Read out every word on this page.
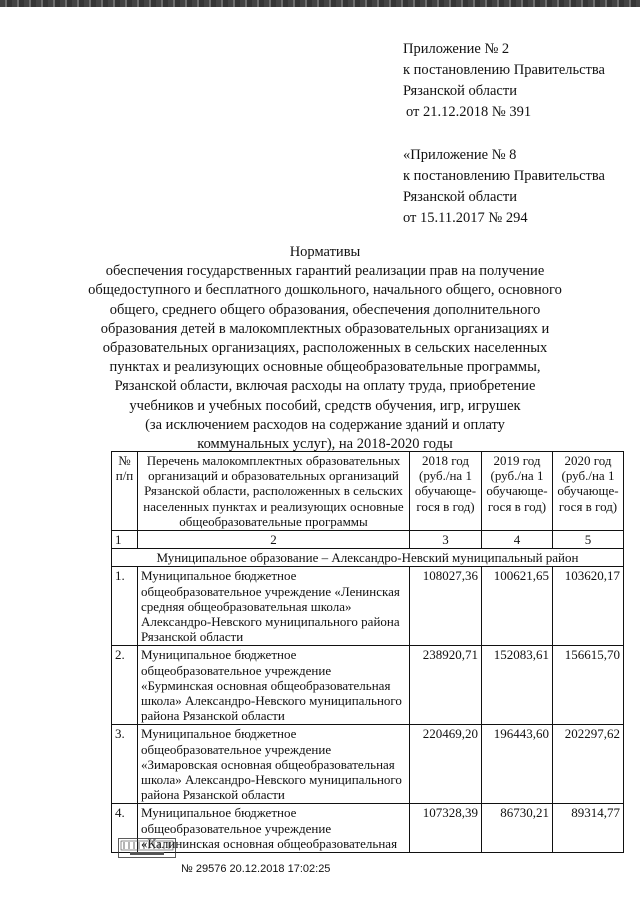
Приложение № 2
к постановлению Правительства
Рязанской области
от 21.12.2018 № 391
«Приложение № 8
к постановлению Правительства
Рязанской области
от 15.11.2017 № 294
Нормативы
обеспечения государственных гарантий реализации прав на получение
общедоступного и бесплатного дошкольного, начального общего, основного
общего, среднего общего образования, обеспечения дополнительного
образования детей в малокомплектных образовательных организациях и
образовательных организациях, расположенных в сельских населенных
пунктах и реализующих основные общеобразовательные программы,
Рязанской области, включая расходы на оплату труда, приобретение
учебников и учебных пособий, средств обучения, игр, игрушек
(за исключением расходов на содержание зданий и оплату
коммунальных услуг), на 2018-2020 годы
№ п/п	Перечень малокомплектных образовательных организаций и образовательных организаций Рязанской области, расположенных в сельских населенных пунктах и реализующих основные общеобразовательные программы	2018 год (руб./на 1 обучающе-гося в год)	2019 год (руб./на 1 обучающе-гося в год)	2020 год (руб./на 1 обучающе-гося в год)
1	2	3	4	5
Муниципальное образование – Александро-Невский муниципальный район				
1.	Муниципальное бюджетное общеобразовательное учреждение «Ленинская средняя общеобразовательная школа» Александро-Невского муниципального района Рязанской области	108027,36	100621,65	103620,17
2.	Муниципальное бюджетное общеобразовательное учреждение «Бурминская основная общеобразовательная школа» Александро-Невского муниципального района Рязанской области	238920,71	152083,61	156615,70
3.	Муниципальное бюджетное общеобразовательное учреждение «Зимаровская основная общеобразовательная школа» Александро-Невского муниципального района Рязанской области	220469,20	196443,60	202297,62
4.	Муниципальное бюджетное общеобразовательное учреждение «Калининская основная общеобразовательная	107328,39	86730,21	89314,77
№ 29576 20.12.2018 17:02:25
